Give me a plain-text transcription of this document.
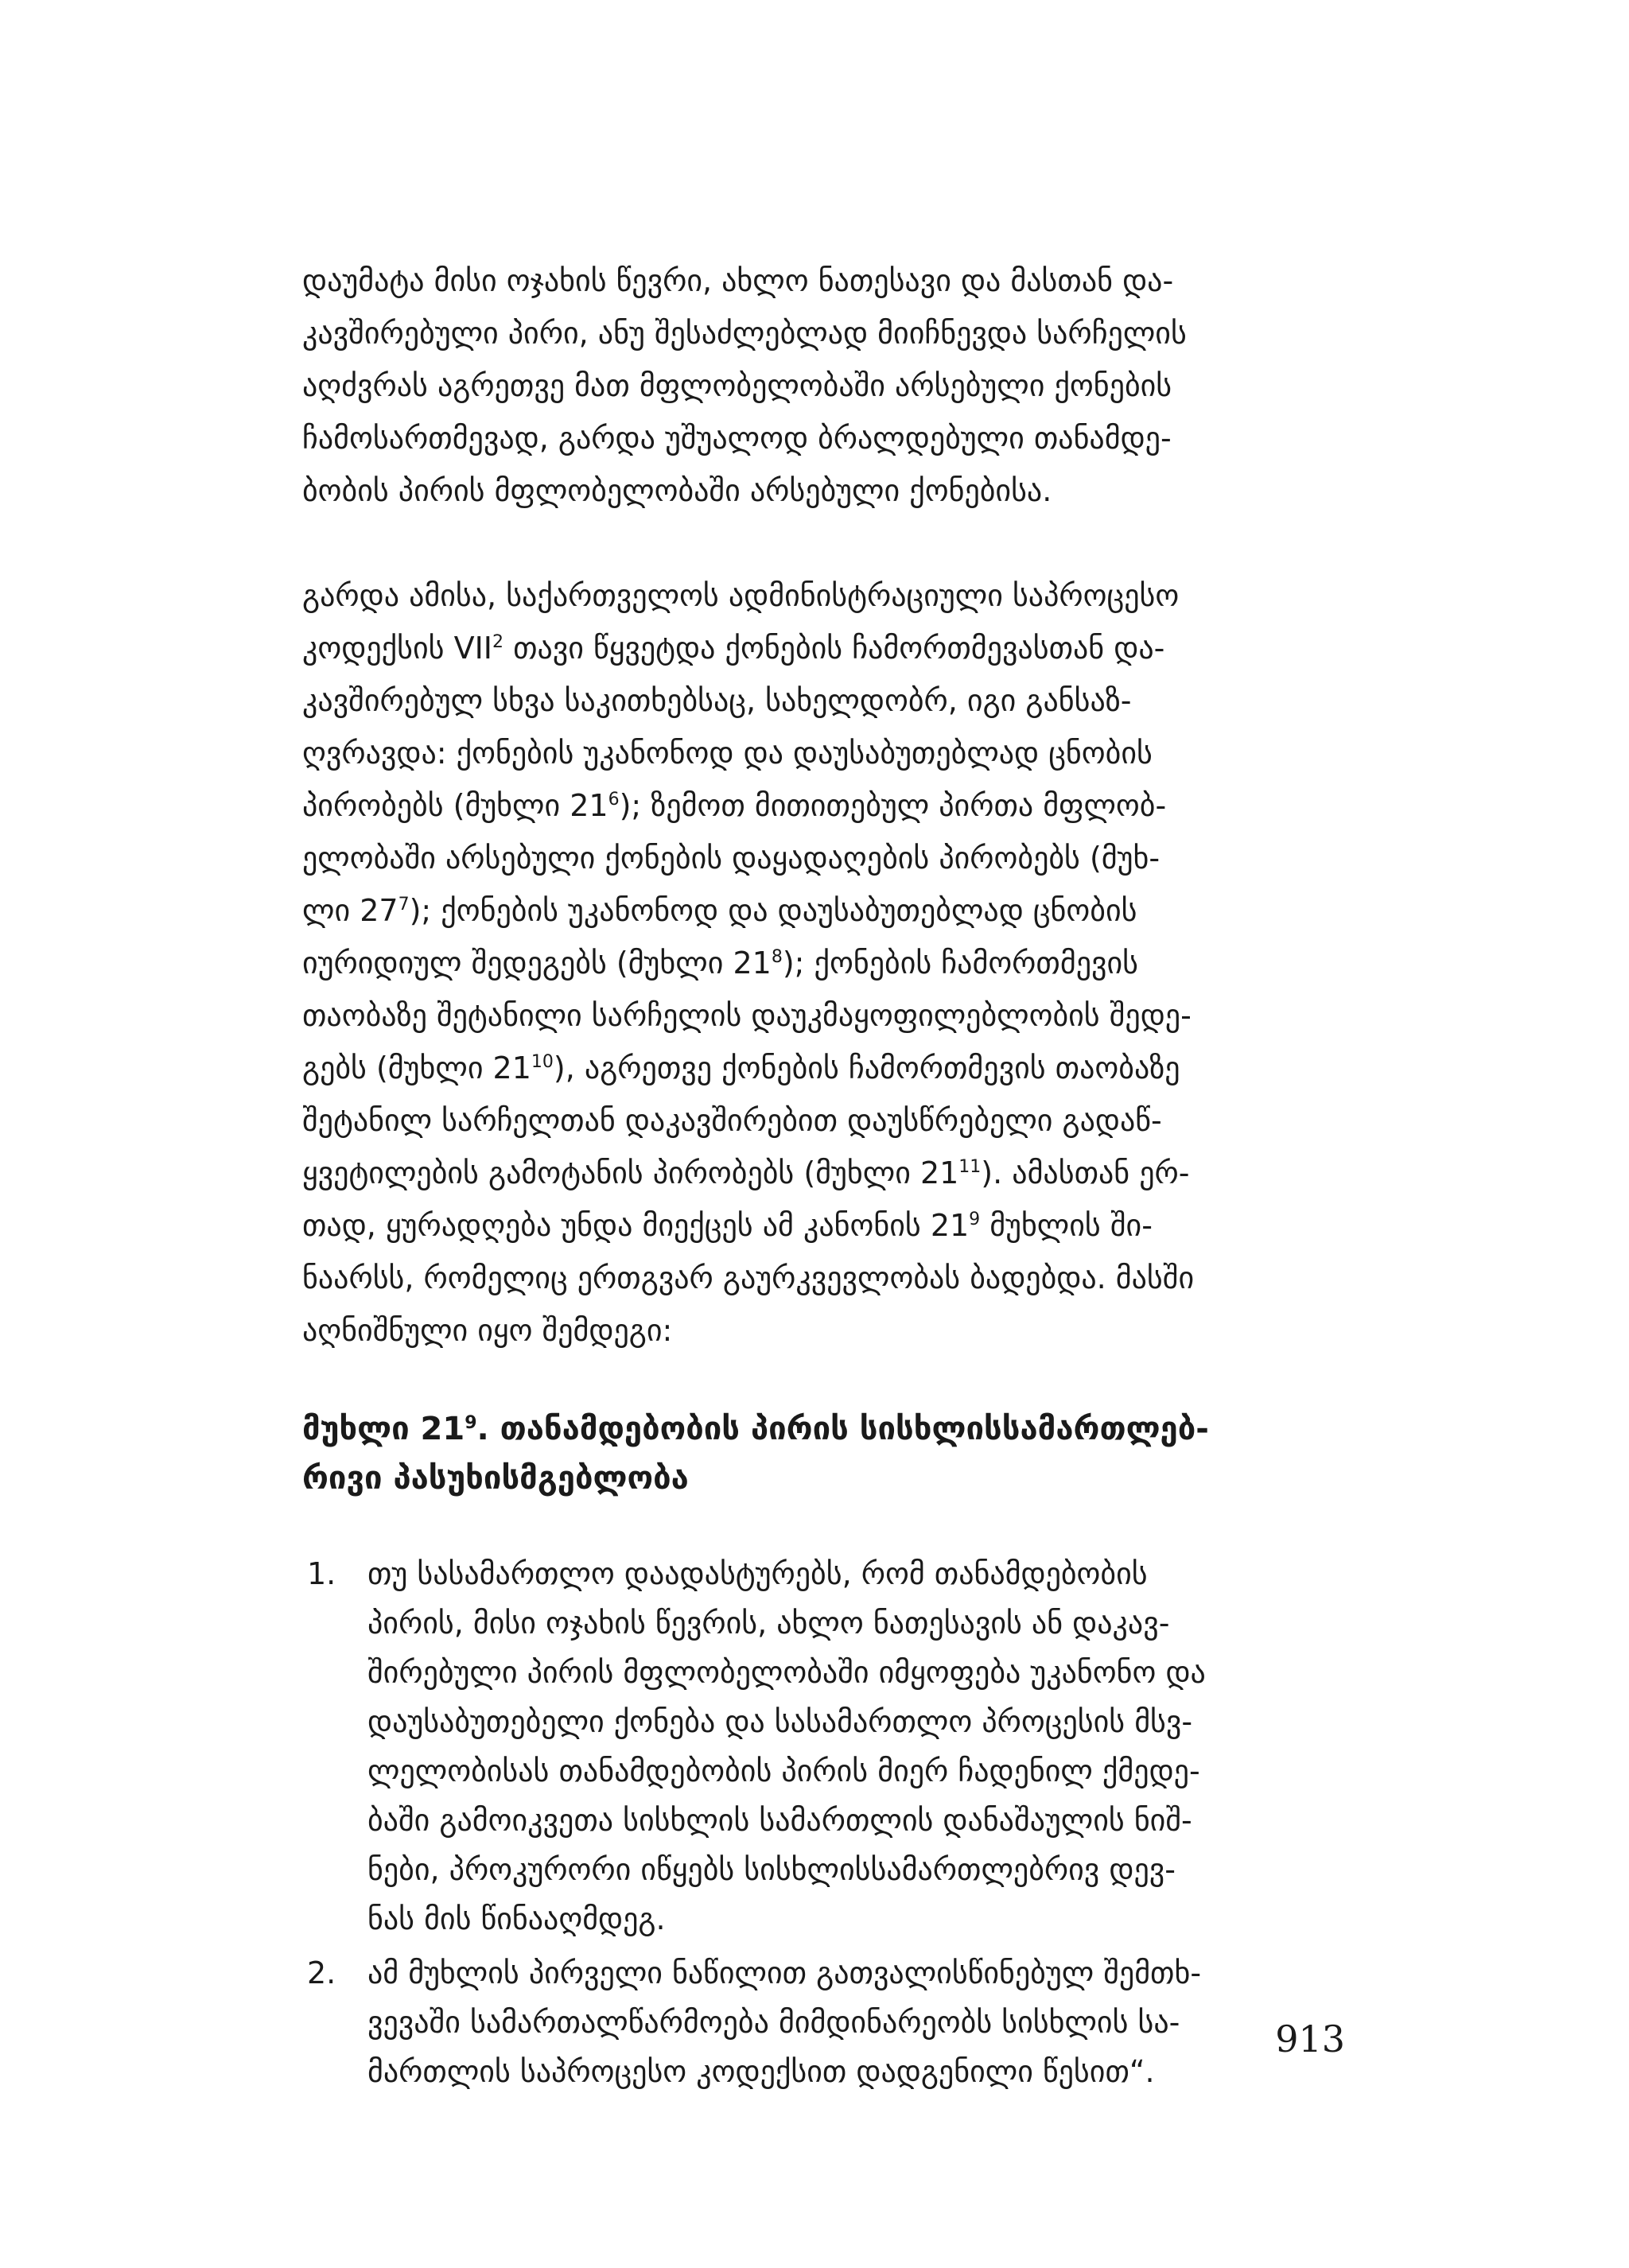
დაუმატა მისი ოჯახის წევრი, ახლო ნათესავი და მასთან და-
კავშირებული პირი, ანუ შესაძლებლად მიიჩნევდა სარჩელის
აღძვრას აგრეთვე მათ მფლობელობაში არსებული ქონების
ჩამოსართმევად, გარდა უშუალოდ ბრალდებული თანამდე-
ბობის პირის მფლობელობაში არსებული ქონებისა.

გარდა ამისა, საქართველოს ადმინისტრაციული საპროცესო
კოდექსის VII$^2$ თავი წყვეტდა ქონების ჩამორთმევასთან და-
კავშირებულ სხვა საკითხებსაც, სახელდობრ, იგი განსაზ-
ღვრავდა: ქონების უკანონოდ და დაუსაბუთებლად ცნობის
პირობებს (მუხლი $21^6$); ზემოთ მითითებულ პირთა მფლობ-
ელობაში არსებული ქონების დაყადაღების პირობებს (მუხ-
ლი $27^7$); ქონების უკანონოდ და დაუსაბუთებლად ცნობის
იურიდიულ შედეგებს (მუხლი $21^8$); ქონების ჩამორთმევის
თაობაზე შეტანილი სარჩელის დაუკმაყოფილებლობის შედე-
გებს (მუხლი $21^{10}$), აგრეთვე ქონების ჩამორთმევის თაობაზე
შეტანილ სარჩელთან დაკავშირებით დაუსწრებელი გადაწ-
ყვეტილების გამოტანის პირობებს (მუხლი $21^{11}$). ამასთან ერ-
თად, ყურადღება უნდა მიექცეს ამ კანონის $21^9$ მუხლის ში-
ნაარსს, რომელიც ერთგვარ გაურკვევლობას ბადებდა. მასში
აღნიშნული იყო შემდეგი:

მუხლი $21^9$. თანამდებობის პირის სისხლისსამართლებ-
რივი პასუხისმგებლობა
1. თუ სასამართლო დაადასტურებს, რომ თანამდებობის
პირის, მისი ოჯახის წევრის, ახლო ნათესავის ან დაკავ-
შირებული პირის მფლობელობაში იმყოფება უკანონო და
დაუსაბუთებელი ქონება და სასამართლო პროცესის მსვ-
ლელობისას თანამდებობის პირის მიერ ჩადენილ ქმედე-
ბაში გამოიკვეთა სისხლის სამართლის დანაშაულის ნიშ-
ნები, პროკურორი იწყებს სისხლისსამართლებრივ დევ-
ნას მის წინააღმდეგ.
2. ამ მუხლის პირველი ნაწილით გათვალისწინებულ შემთხ-
ვევაში სამართალწარმოება მიმდინარეობს სისხლის სა-
მართლის საპროცესო კოდექსით დადგენილი წესით“.
913
